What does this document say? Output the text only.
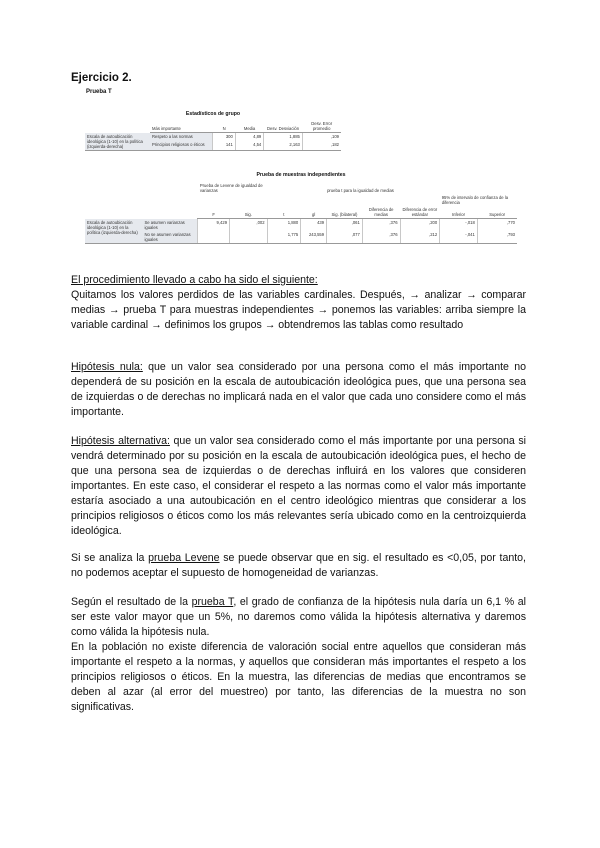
Ejercicio 2.
Prueba T
Estadísticos de grupo
	Más importante	N	Media	Desv. Desviación	Desv. Error promedio
Escala de autoubicación ideológica (1-10) en la política (izquierda-derecha)	Respeto a las normas	300	4,89	1,885	,109
	Principios religiosos o éticos	141	4,54	2,163	,182
Prueba de muestras independientes
		Prueba de Levene de igualdad de varianzas		prueba t para la igualdad de medias						
									95% de intervalo de confianza de la diferencia	
		F	Sig.	t	gl	Sig. (bilateral)	Diferencia de medias	Diferencia de error estándar	Inferior	Superior
Escala de autoubicación ideológica (1-10) en la política (izquierda-derecha)	Se asumen varianzas iguales	9,429	,002	1,880	439	,061	,376	,200	-,018	,770
	No se asumen varianzas iguales			1,775	243,559	,077	,376	,212	-,041	,793
El procedimiento llevado a cabo ha sido el siguiente:
Quitamos los valores perdidos de las variables cardinales. Después, → analizar → comparar medias → prueba T para muestras independientes → ponemos las variables: arriba siempre la variable cardinal → definimos los grupos → obtendremos las tablas como resultado
Hipótesis nula: que un valor sea considerado por una persona como el más importante no dependerá de su posición en la escala de autoubicación ideológica pues, que una persona sea de izquierdas o de derechas no implicará nada en el valor que cada uno considere como el más importante.
Hipótesis alternativa: que un valor sea considerado como el más importante por una persona si vendrá determinado por su posición en la escala de autoubicación ideológica pues, el hecho de que una persona sea de izquierdas o de derechas influirá en los valores que consideren importantes. En este caso, el considerar el respeto a las normas como el valor más importante estaría asociado a una autoubicación en el centro ideológico mientras que considerar a los principios religiosos o éticos como los más relevantes sería ubicado como en la centroizquierda ideológica.
Si se analiza la prueba Levene se puede observar que en sig. el resultado es <0,05, por tanto, no podemos aceptar el supuesto de homogeneidad de varianzas.
Según el resultado de la prueba T, el grado de confianza de la hipótesis nula daría un 6,1 % al ser este valor mayor que un 5%, no daremos como válida la hipótesis alternativa y daremos como válida la hipótesis nula.
En la población no existe diferencia de valoración social entre aquellos que consideran más importante el respeto a la normas, y aquellos que consideran más importantes el respeto a los principios religiosos o éticos. En la muestra, las diferencias de medias que encontramos se deben al azar (al error del muestreo) por tanto, las diferencias de la muestra no son significativas.
